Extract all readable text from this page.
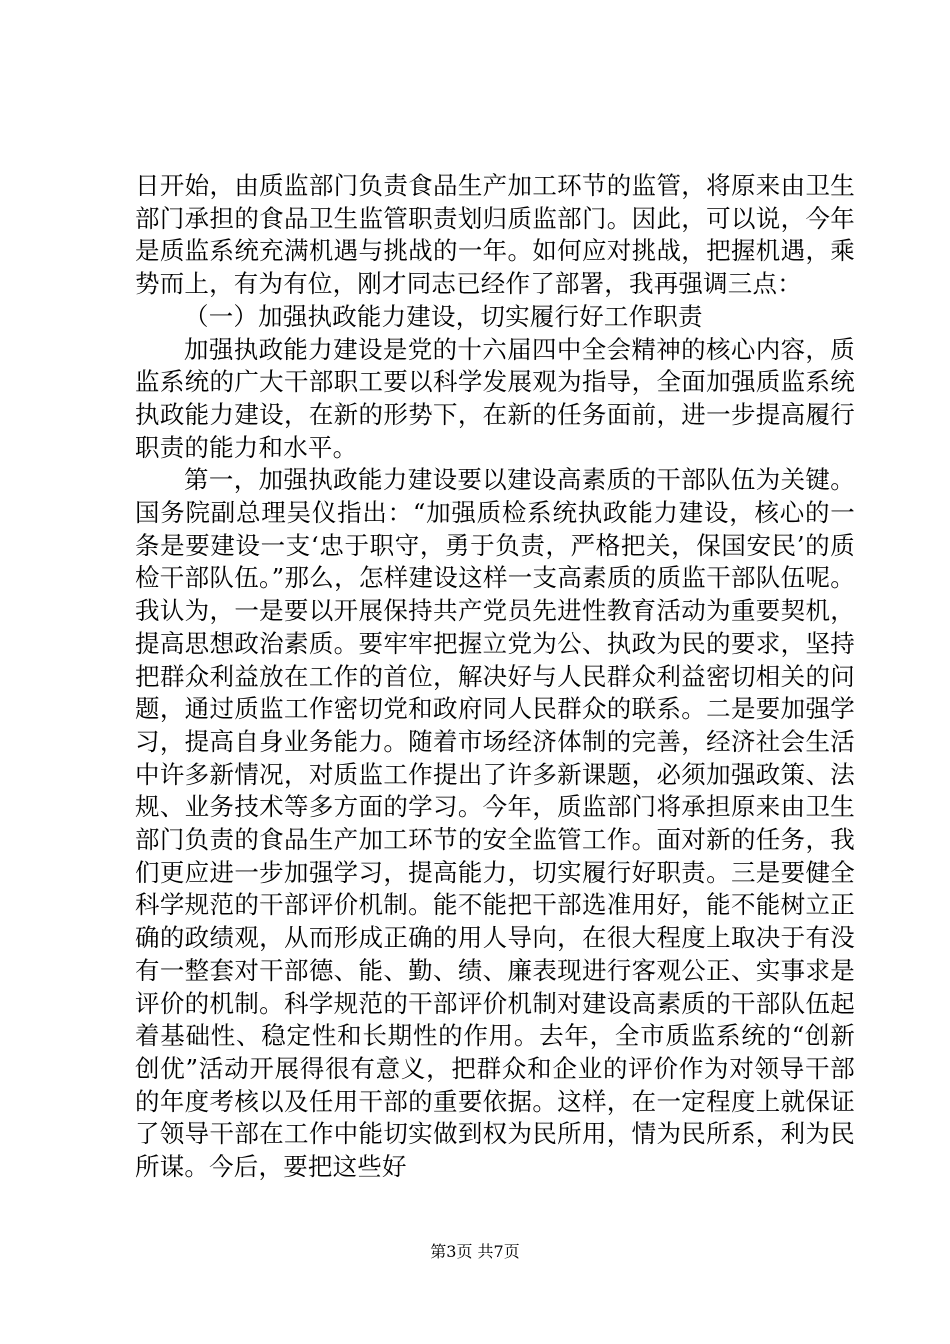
日开始，由质监部门负责食品生产加工环节的监管，将原来由卫生部门承担的食品卫生监管职责划归质监部门。因此，可以说，今年是质监系统充满机遇与挑战的一年。如何应对挑战，把握机遇，乘势而上，有为有位，刚才同志已经作了部署，我再强调三点：

（一）加强执政能力建设，切实履行好工作职责

加强执政能力建设是党的十六届四中全会精神的核心内容，质监系统的广大干部职工要以科学发展观为指导，全面加强质监系统执政能力建设，在新的形势下，在新的任务面前，进一步提高履行职责的能力和水平。

第一，加强执政能力建设要以建设高素质的干部队伍为关键。国务院副总理吴仪指出：“加强质检系统执政能力建设，核心的一条是要建设一支‘忠于职守，勇于负责，严格把关，保国安民’的质检干部队伍。”那么，怎样建设这样一支高素质的质监干部队伍呢。我认为，一是要以开展保持共产党员先进性教育活动为重要契机，提高思想政治素质。要牢牢把握立党为公、执政为民的要求，坚持把群众利益放在工作的首位，解决好与人民群众利益密切相关的问题，通过质监工作密切党和政府同人民群众的联系。二是要加强学习，提高自身业务能力。随着市场经济体制的完善，经济社会生活中许多新情况，对质监工作提出了许多新课题，必须加强政策、法规、业务技术等多方面的学习。今年，质监部门将承担原来由卫生部门负责的食品生产加工环节的安全监管工作。面对新的任务，我们更应进一步加强学习，提高能力，切实履行好职责。三是要健全科学规范的干部评价机制。能不能把干部选准用好，能不能树立正确的政绩观，从而形成正确的用人导向，在很大程度上取决于有没有一整套对干部德、能、勤、绩、廉表现进行客观公正、实事求是评价的机制。科学规范的干部评价机制对建设高素质的干部队伍起着基础性、稳定性和长期性的作用。去年，全市质监系统的“创新创优”活动开展得很有意义，把群众和企业的评价作为对领导干部的年度考核以及任用干部的重要依据。这样，在一定程度上就保证了领导干部在工作中能切实做到权为民所用，情为民所系，利为民所谋。今后，要把这些好

第3页 共7页
